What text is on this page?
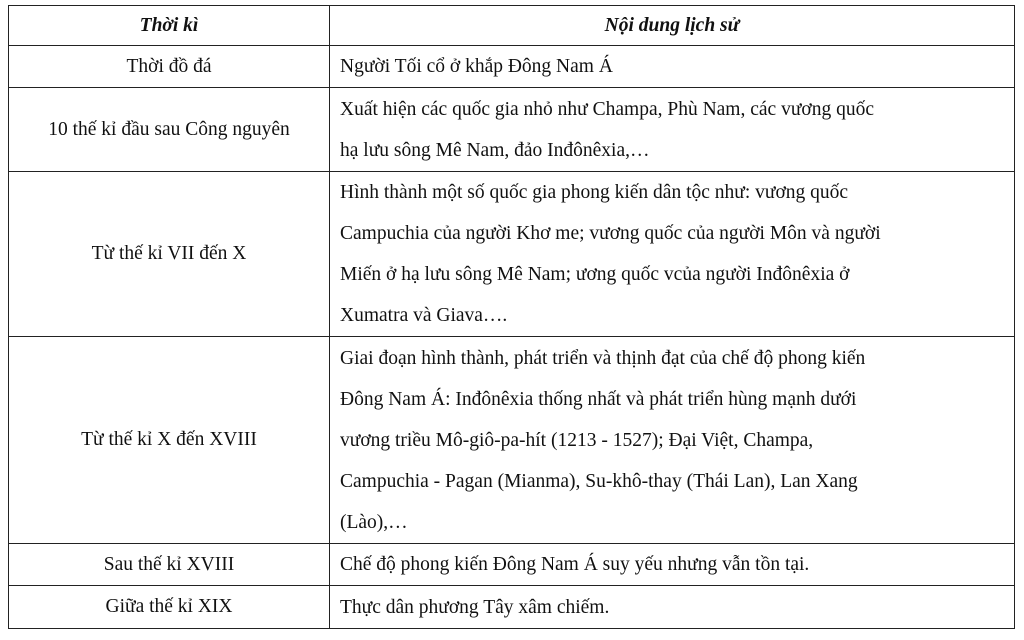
Thời kì	Nội dung lịch sử
Thời đồ đá	Người Tối cổ ở khắp Đông Nam Á

10 thế kỉ đầu sau Công nguyên	Xuất hiện các quốc gia nhỏ như Champa, Phù Nam, các vương quốc
hạ lưu sông Mê Nam, đảo Inđônêxia,…

Từ thế kỉ VII đến X	Hình thành một số quốc gia phong kiến dân tộc như: vương quốc
Campuchia của người Khơ me; vương quốc của người Môn và người
Miến ở hạ lưu sông Mê Nam; ương quốc vcủa người Inđônêxia ở
Xumatra và Giava….

Từ thế kỉ X đến XVIII	Giai đoạn hình thành, phát triển và thịnh đạt của chế độ phong kiến
Đông Nam Á: Inđônêxia thống nhất và phát triển hùng mạnh dưới
vương triều Mô-giô-pa-hít (1213 - 1527); Đại Việt, Champa,
Campuchia - Pagan (Mianma), Su-khô-thay (Thái Lan), Lan Xang
(Lào),…

Sau thế kỉ XVIII	Chế độ phong kiến Đông Nam Á suy yếu nhưng vẫn tồn tại.

Giữa thế kỉ XIX	Thực dân phương Tây xâm chiếm.
